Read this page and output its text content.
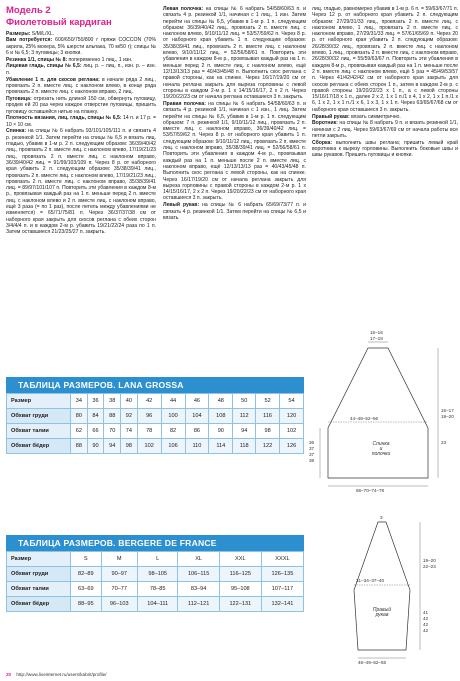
Модель 2
Фиолетовый кардиган

Размеры: S/M/L/XL.

Вам потребуется: 600/650/750/800 г пряжи COCCON (70% акрила, 25% мохера, 5% шерсти альпака, 70 м/50 г); спицы № 6 и № 6,5; 3 пуговицы; 3 кнопки.

Резинка 1/1, спицы № 8: попеременно 1 лиц., 1 изн.

Лицевая гладь, спицы № 6,5: лиц. р. – лиц. п., изн. р. – изн. п.

Убавление 1 п. для скосов реглана: в начале ряда 2 лиц., провязать 2 п. вместе лиц. с наклоном влево, в конце ряда провязать 2 п. вместе лиц. с наклоном вправо, 2 лиц.

Пуговица: отрезать нить длиной 150 см, обвернуть пуговицу, продев ей 20 раз через каждое отверстие пуговицы, пришить пуговицу оставшейся нитью на планку.

Плотность вязания, лиц. гладь, спицы № 6,5: 14 п. и 17 р. = 10 × 10 см.

Спинка: на спицы № 6 набрать 93/101/105/111 п. и связать 4 р. резинкой 1/1. Затем перейти на спицы № 6,5 и вязать лиц. гладью, убавив в 1-м р. 2 п. следующим образом: 36/39/40/42 лиц., провязать 2 п. вместе лиц. с наклоном влево, 17/19/21/23 лиц., провязать 2 п. вместе лиц. с наклоном вправо, 36/39/40/42 лиц. = 91/99/103/109 п. Через 8 р. от наборного края убавить 2 п. следующим образом: 35/38/39/41 лиц., провязать 2 п. вместе лиц. с наклоном влево, 17/19/21/23 лиц., провязать 2 п. вместе лиц. с наклоном вправо, 35/38/39/41 лиц. = 89/97/101/107 п. Повторить эти убавления в каждом 8-м р., провязывая каждый раз на 1 п. меньше перед 2 п. вместе лиц. с наклоном влево и 2 п. вместе лиц. с наклоном вправо, ещё 3 раза (= по 1 раз), после петель между убавлениями не изменяется) = 65/71/75/81 п. Через 36/37/37/38 см от наборного края закрыть для скосов реглана с обеих сторон 3/4/4/4 п. и в каждом 2-м р. убавить 19/21/22/24 раза по 1 п. Затем оставшиеся 21/23/25/27 п. закрыть.

Левая полочка: на спицы № 6 набрать 54/58/60/63 п. и связать 4 р. резинкой 1/1, начиная с 1 лиц., 1 изн. Затем перейти на спицы № 6,5, убавив в 1-м р. 1 п. следующим образом: 36/39/40/42 лиц., провязать 2 п. вместе лиц. с наклоном влево, 9/10/11/12 лиц. = 53/57/59/62 п. Через 8 р. от наборного края убавить 1 п. следующим образом: 35/38/39/41 лиц., провязать 2 п. вместе лиц. с наклоном влево, 9/10/11/12 лиц. = 52/56/58/61 п. Повторить эти убавления в каждом 8-м р., провязывая каждый раз на 1 п. меньше перед 2 п. вместе лиц. с наклоном влево, ещё 12/13/13/13 раз = 40/43/45/48 п. Выполнить скос реглана с правой стороны, как на спинке. Через 16/17/19/20 см от начала реглана закрыть для выреза горловины с левой стороны в каждом 2-м р. 1 х 14/15/16/17, 2 х 2 п. Через 19/20/22/23 см от начала реглана оставшиеся 3 п. закрыть.

Правая полочка: на спицы № 6 набрать 54/58/60/63 п. и связать 4 р. резинкой 1/1, начиная с 1 изн., 1 лиц. Затем перейти на спицы № 6,5, убавив в 1-м р. 1 п. следующим образом: 7 п. резинкой 1/1, 9/10/11/12 лиц., провязать 2 п. вместе лиц. с наклоном вправо, 36/39/40/42 лиц. = 53/57/59/62 п. Через 8 р. от наборного края убавить 1 п. следующим образом: 9/10/11/12 лиц., провязать 2 п. вместе лиц. с наклоном вправо, 35/38/39/41 лиц. = 52/56/58/61 п. Повторить эти убавления в каждом 4-м р., провязывая каждый раз на 1 п. меньше после 2 п. вместе лиц. с наклоном вправо, ещё 12/13/13/13 раз = 40/43/45/48 п. Выполнить скос реглана с левой стороны, как на спинке. Через 16/17/19/20 см от начала реглана закрыть для выреза горловины с правой стороны в каждом 2-м р. 1 х 14/15/16/17, 2 х 2 п. Через 19/20/22/23 см от наборного края оставшиеся 3 п. закрыть.

Левый рукав: на спицы № 6 набрать 65/69/73/77 п. и связать 4 р. резинкой 1/1. Затем перейти на спицы № 6,5 и вязать

лиц. гладью, равномерно убавив в 1-м р. 6 п. = 59/63/67/71 п. Через 12 р. от наборного края убавить 2 п. следующим образом: 27/29/31/33 лиц., провязать 2 п. вместе лиц. с наклоном влево, 1 лиц., провязать 2 п. вместе лиц. с наклоном вправо, 27/29/31/33 лиц. = 57/61/65/69 п. Через 20 р. от наборного края убавить 2 п. следующим образом: 26/28/30/32 лиц., провязать 2 п. вместе лиц. с наклоном влево, 1 лиц., провязать 2 п. вместе лиц. с наклоном вправо, 26/28/30/32 лиц. = 55/59/63/67 п. Повторить эти убавления в каждом 8-м р., провязывая каждый раз на 1 п. меньше после 2 п. вместе лиц. с наклоном влево, ещё 5 раз = 45/49/53/57 п. Через 41/42/42/42 см от наборного края закрыть для скосов реглана с обеих сторон 1 п., затем в каждом 2-м р. с правой стороны 19/20/22/23 х 1 п., а с левой стороны 15/16/17/18 х 1 п., далее 2 х 2, 1 х 1 п./1 х 4, 1 х 2, 1 х 1 п./1 х 6, 1 х 2, 1 х 1 п./1 х 6, 1 х 3, 1 х 1 п. Через 63/65/67/68 см от наборного края оставшиеся 3 п. закрыть.

Правый рукав: вязать симметрично.

Воротник: на спицы № 8 набрать 9 п. и вязать резинкой 1/1, начиная с 2 лиц. Через 59/63/67/69 см от начала работы все петли закрыть.

Сборка: выполнить швы реглана; пришить левый край воротника к вырезу горловины. Выполнить боковые швы и швы рукавов. Пришить пуговицы и кнопки.

ТАБЛИЦА РАЗМЕРОВ. LANA GROSSA
Размер	34	36	38	40	42	44	46	48	50	52	54
Обхват груди	80	84	88	92	96	100	104	108	112	116	120
Обхват талии	62	66	70	74	78	82	86	90	94	98	102
Обхват бёдер	88	90	94	98	102	106	110	114	118	122	126
ТАБЛИЦА РАЗМЕРОВ. BERGERE DE FRANCE
Размер	S	M	L	XL	XXL	XXXL
Обхват груди	82–89	90–97	98–105	106–115	116–125	126–135
Обхват талии	63–69	70–77	78–85	83–94	95–108	107–117
Обхват бёдер	88–95	96–103	104–111	112–121	122–131	132–141
15–16
17–18
16–17
19–20
23
36
37
37
38
44–48–52–56
66–70–74–78
Спинка
и
полочки
3
19–20
22–23
31–34–37–40
41
42
42
42
46–49–52–55
Правый
рукав
20 http://www.liveinternet.ru/users/kabrit/profile/
